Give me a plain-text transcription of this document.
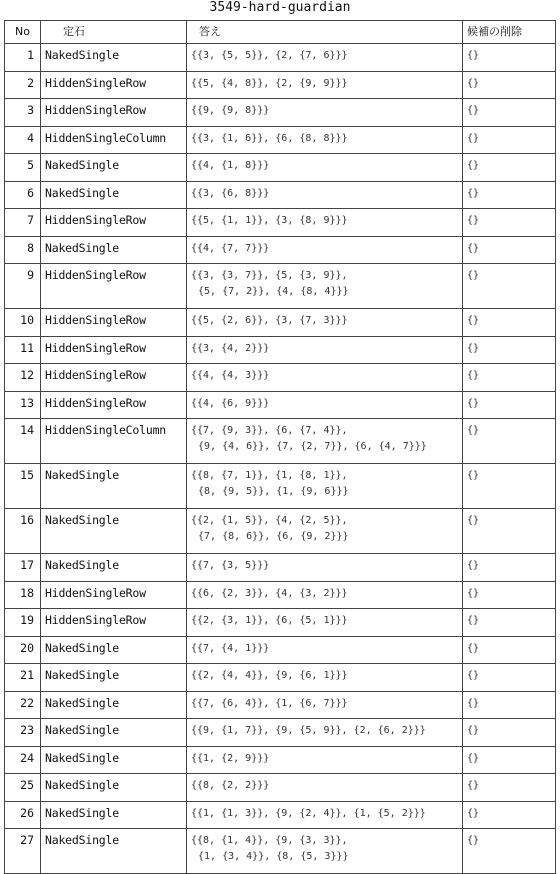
3549-hard-guardian
No	定石	答え	候補の削除
1	NakedSingle	{{3, {5, 5}}, {2, {7, 6}}}	{}
2	HiddenSingleRow	{{5, {4, 8}}, {2, {9, 9}}}	{}
3	HiddenSingleRow	{{9, {9, 8}}}	{}
4	HiddenSingleColumn	{{3, {1, 6}}, {6, {8, 8}}}	{}
5	NakedSingle	{{4, {1, 8}}}	{}
6	NakedSingle	{{3, {6, 8}}}	{}
7	HiddenSingleRow	{{5, {1, 1}}, {3, {8, 9}}}	{}
8	NakedSingle	{{4, {7, 7}}}	{}
9	HiddenSingleRow	{{3, {3, 7}}, {5, {3, 9}},
{5, {7, 2}}, {4, {8, 4}}}	{}
10	HiddenSingleRow	{{5, {2, 6}}, {3, {7, 3}}}	{}
11	HiddenSingleRow	{{3, {4, 2}}}	{}
12	HiddenSingleRow	{{4, {4, 3}}}	{}
13	HiddenSingleRow	{{4, {6, 9}}}	{}
14	HiddenSingleColumn	{{7, {9, 3}}, {6, {7, 4}},
{9, {4, 6}}, {7, {2, 7}}, {6, {4, 7}}}	{}
15	NakedSingle	{{8, {7, 1}}, {1, {8, 1}},
{8, {9, 5}}, {1, {9, 6}}}	{}
16	NakedSingle	{{2, {1, 5}}, {4, {2, 5}},
{7, {8, 6}}, {6, {9, 2}}}	{}
17	NakedSingle	{{7, {3, 5}}}	{}
18	HiddenSingleRow	{{6, {2, 3}}, {4, {3, 2}}}	{}
19	HiddenSingleRow	{{2, {3, 1}}, {6, {5, 1}}}	{}
20	NakedSingle	{{7, {4, 1}}}	{}
21	NakedSingle	{{2, {4, 4}}, {9, {6, 1}}}	{}
22	NakedSingle	{{7, {6, 4}}, {1, {6, 7}}}	{}
23	NakedSingle	{{9, {1, 7}}, {9, {5, 9}}, {2, {6, 2}}}	{}
24	NakedSingle	{{1, {2, 9}}}	{}
25	NakedSingle	{{8, {2, 2}}}	{}
26	NakedSingle	{{1, {1, 3}}, {9, {2, 4}}, {1, {5, 2}}}	{}
27	NakedSingle	{{8, {1, 4}}, {9, {3, 3}},
{1, {3, 4}}, {8, {5, 3}}}	{}
